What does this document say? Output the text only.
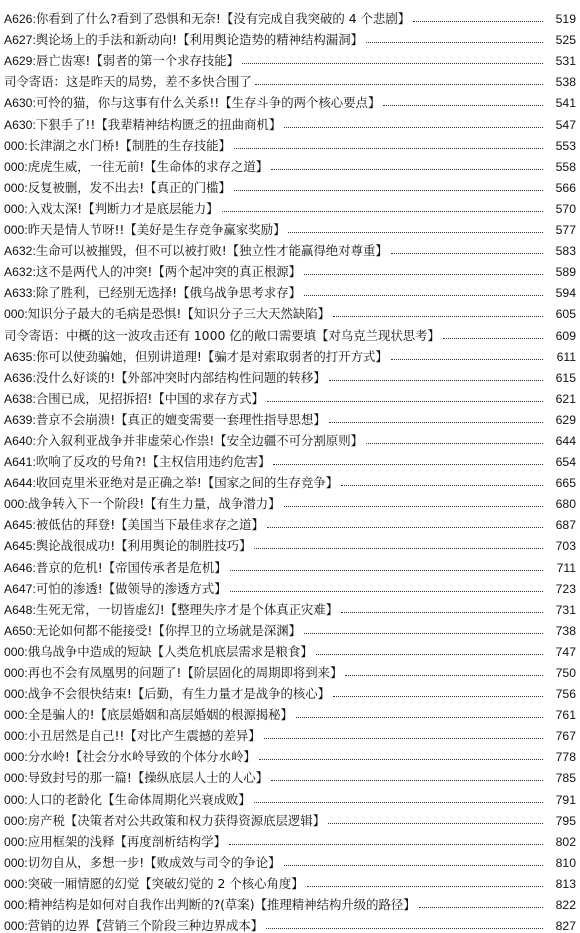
A626: 你看到了什么?看到了恐惧和无奈!【没有完成自我突破的 4 个悲剧】	519
A627: 舆论场上的手法和新动向!【利用舆论造势的精神结构漏洞】	525
A629: 唇亡齿寒!【弱者的第一个求存技能】	531
司令寄语：这是昨天的局势，差不多快合围了	538
A630: 可怜的猫，你与这事有什么关系!!【生存斗争的两个核心要点】	541
A630: 下狠手了!!【我辈精神结构匮乏的扭曲商机】	547
000: 长津湖之水门桥!【制胜的生存技能】	553
000: 虎虎生威，一往无前!【生命体的求存之道】	558
000: 反复被删，发不出去!【真正的门槛】	566
000: 入戏太深!【判断力才是底层能力】	570
000: 昨天是情人节呀!!【美好是生存竞争赢家奖励】	577
A632: 生命可以被摧毁，但不可以被打败!【独立性才能赢得绝对尊重】	583
A632: 这不是两代人的冲突!【两个起冲突的真正根源】	589
A633: 除了胜利，已经别无选择!【俄乌战争思考求存】	594
000: 知识分子最大的毛病是恐惧!【知识分子三大天然缺陷】	605
司令寄语：中概的这一波攻击还有 1000 亿的敞口需要填【对乌克兰现状思考】	609
A635: 你可以使劲骗她，但别讲道理!【骗才是对索取弱者的打开方式】	611
A636: 没什么好谈的!【外部冲突时内部结构性问题的转移】	615
A638: 合围已成，见招拆招!【中国的求存方式】	621
A639: 普京不会崩溃!【真正的嬗变需要一套理性指导思想】	629
A640: 介入叙利亚战争并非虚荣心作祟!【安全边疆不可分割原则】	644
A641: 吹响了反攻的号角?!【主权信用违约危害】	654
A644: 收回克里米亚绝对是正确之举!【国家之间的生存竞争】	665
000: 战争转入下一个阶段!【有生力量，战争潜力】	680
A645: 被低估的拜登!【美国当下最佳求存之道】	687
A645: 舆论战很成功!【利用舆论的制胜技巧】	703
A646: 普京的危机!【帝国传承者是危机】	711
A647: 可怕的渗透!【做领导的渗透方式】	723
A648: 生死无常，一切皆虚幻!【整理失序才是个体真正灾难】	731
A650: 无论如何都不能接受!【你捍卫的立场就是深渊】	738
000: 俄乌战争中造成的短缺【人类危机底层需求是粮食】	747
000: 再也不会有凤凰男的问题了!【阶层固化的周期即将到来】	750
000: 战争不会很快结束!【后勤，有生力量才是战争的核心】	756
000: 全是骗人的!【底层婚姻和高层婚姻的根源揭秘】	761
000: 小丑居然是自己!!【对比产生震撼的差异】	767
000: 分水岭!【社会分水岭导致的个体分水岭】	778
000: 导致封号的那一篇!【操纵底层人士的人心】	785
000: 人口的老龄化【生命体周期化兴衰成败】	791
000: 房产税【决策者对公共政策和权力获得资源底层逻辑】	795
000: 应用框架的浅释【再度剖析结构学】	802
000: 切勿自从，多想一步!【败成效与司令的争论】	810
000: 突破一厢情愿的幻觉【突破幻觉的 2 个核心角度】	813
000: 精神结构是如何对自我作出判断的?(草案)【推理精神结构升级的路径】	822
000: 营销的边界【营销三个阶段三种边界成本】	827
